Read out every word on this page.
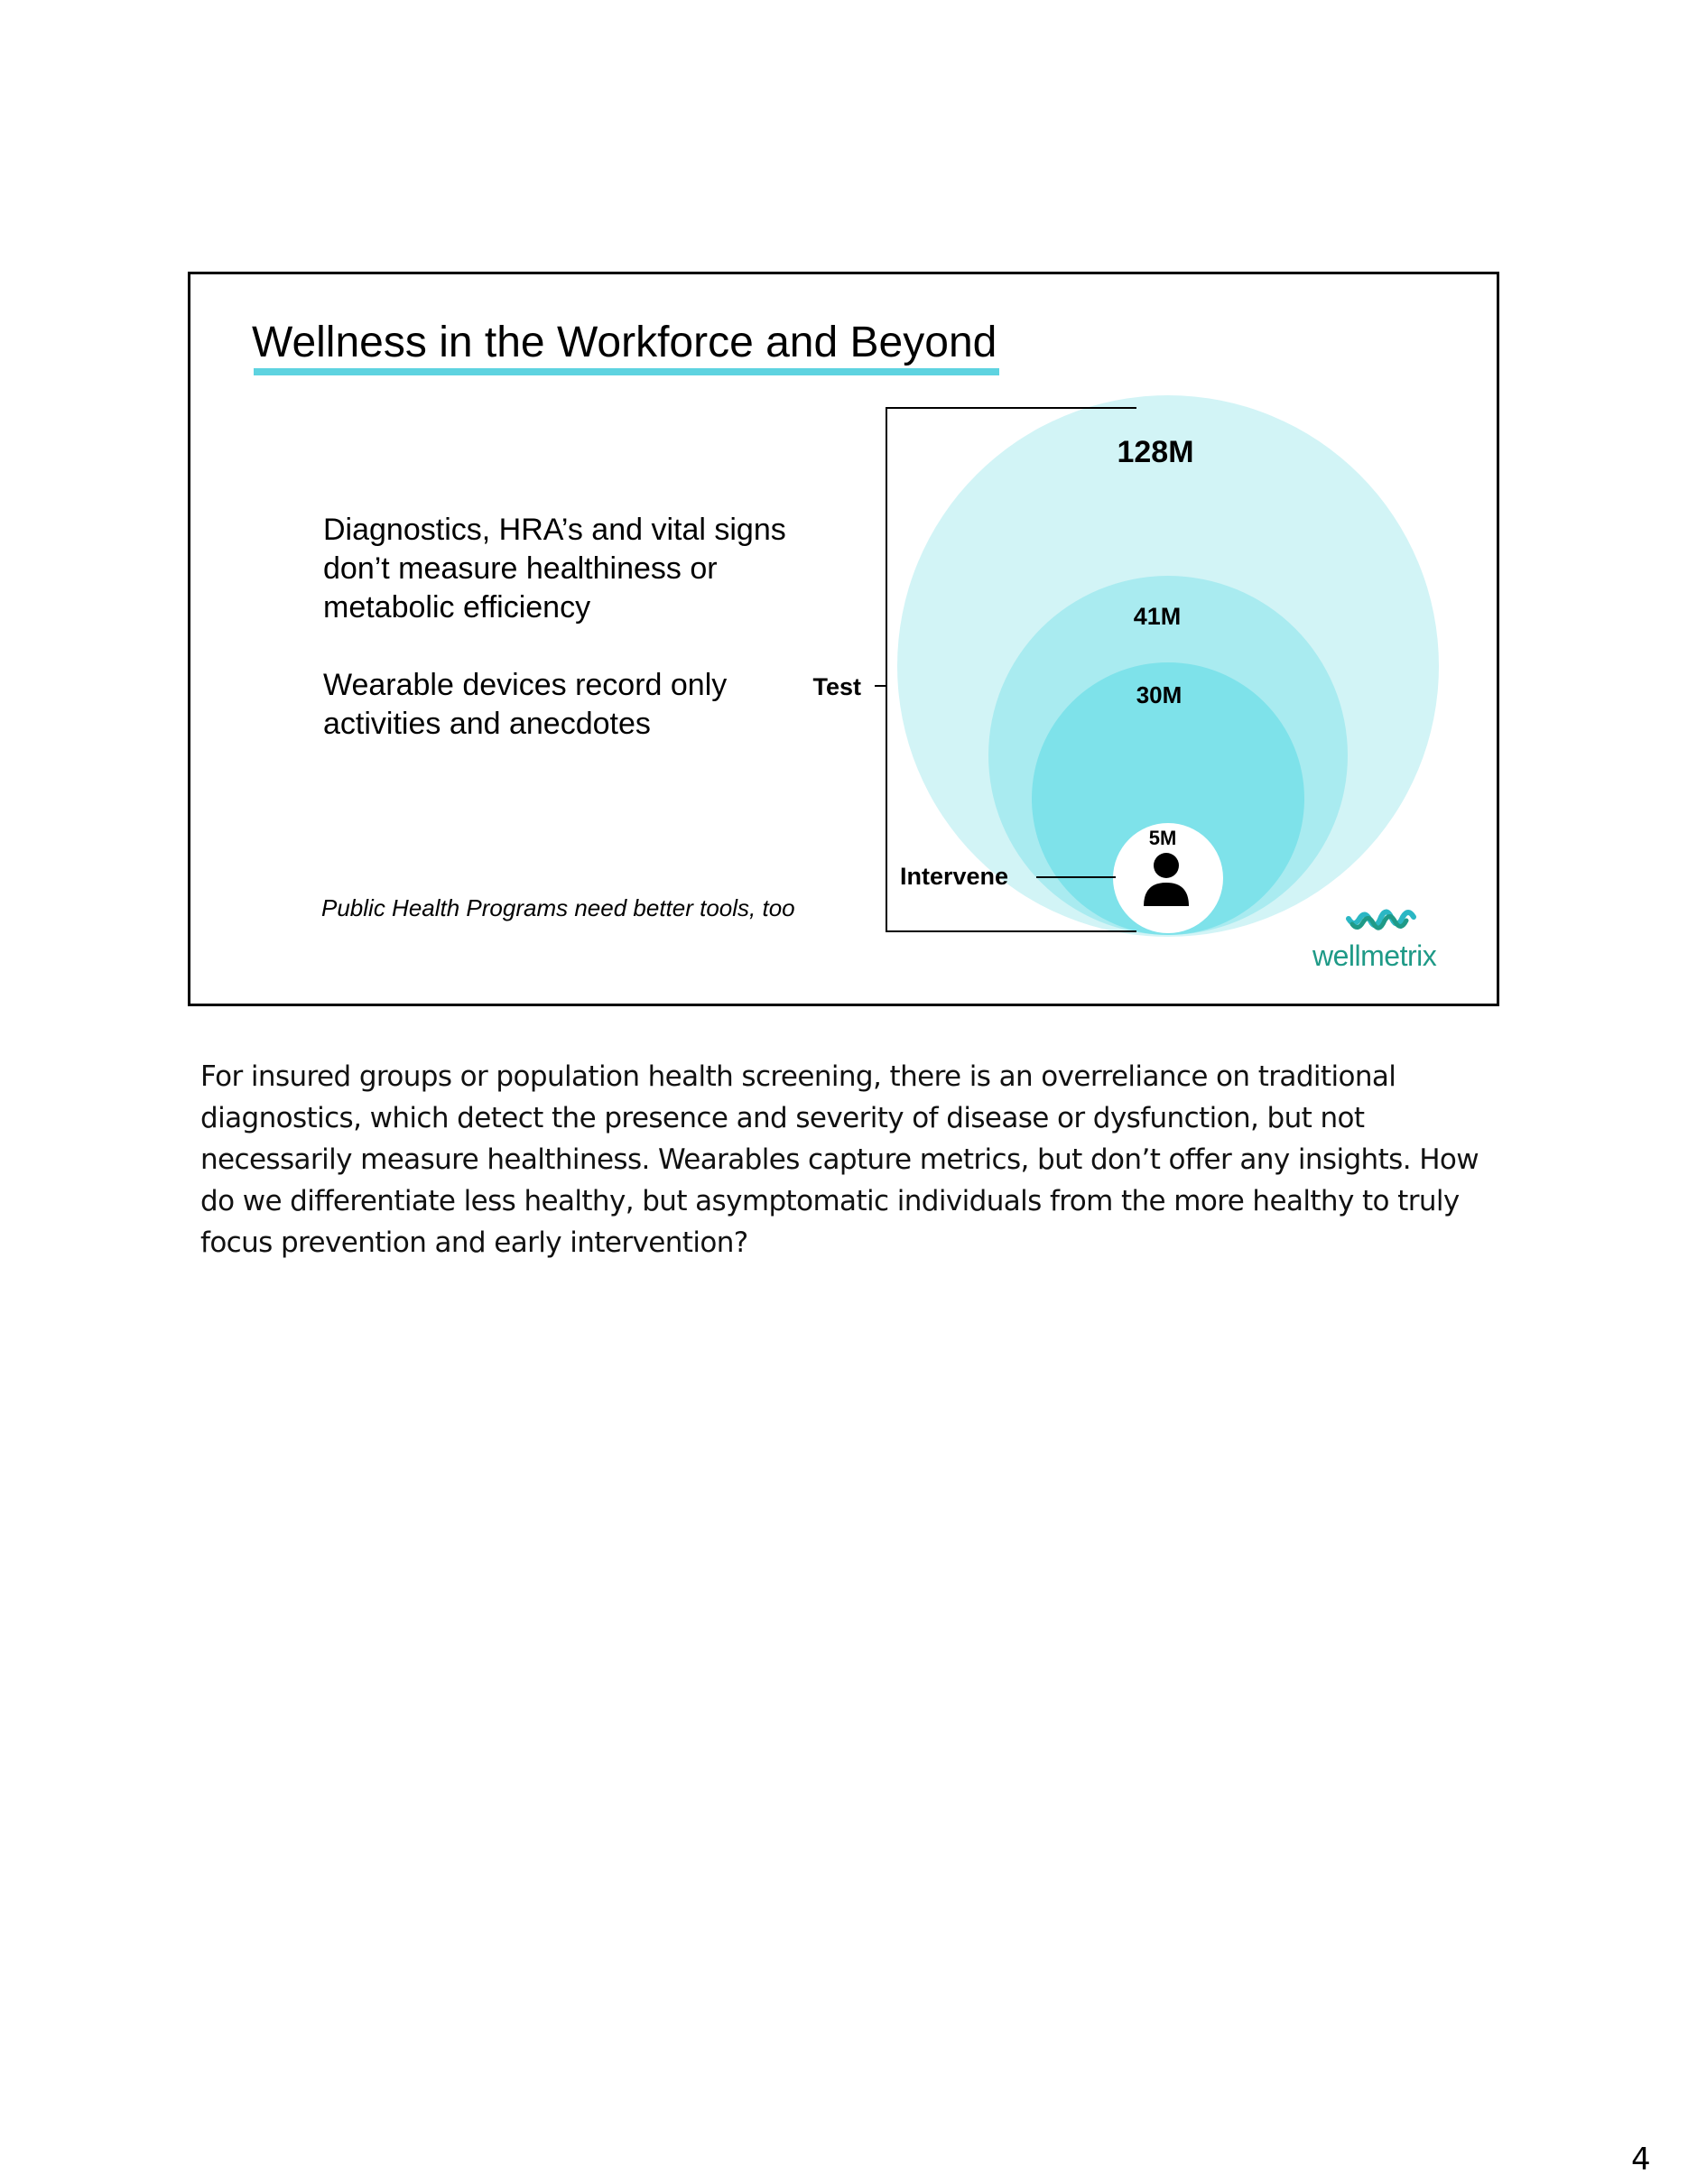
Wellness in the Workforce and Beyond

Diagnostics, HRA’s and vital signs don’t measure healthiness or metabolic efficiency

Wearable devices record only activities and anecdotes

Public Health Programs need better tools, too
128M
41M
30M
5M
Test
Intervene
wellmetrix
For insured groups or population health screening, there is an overreliance on traditional diagnostics, which detect the presence and severity of disease or dysfunction, but not necessarily measure healthiness. Wearables capture metrics, but don’t offer any insights. How do we differentiate less healthy, but asymptomatic individuals from the more healthy to truly focus prevention and early intervention?
4
